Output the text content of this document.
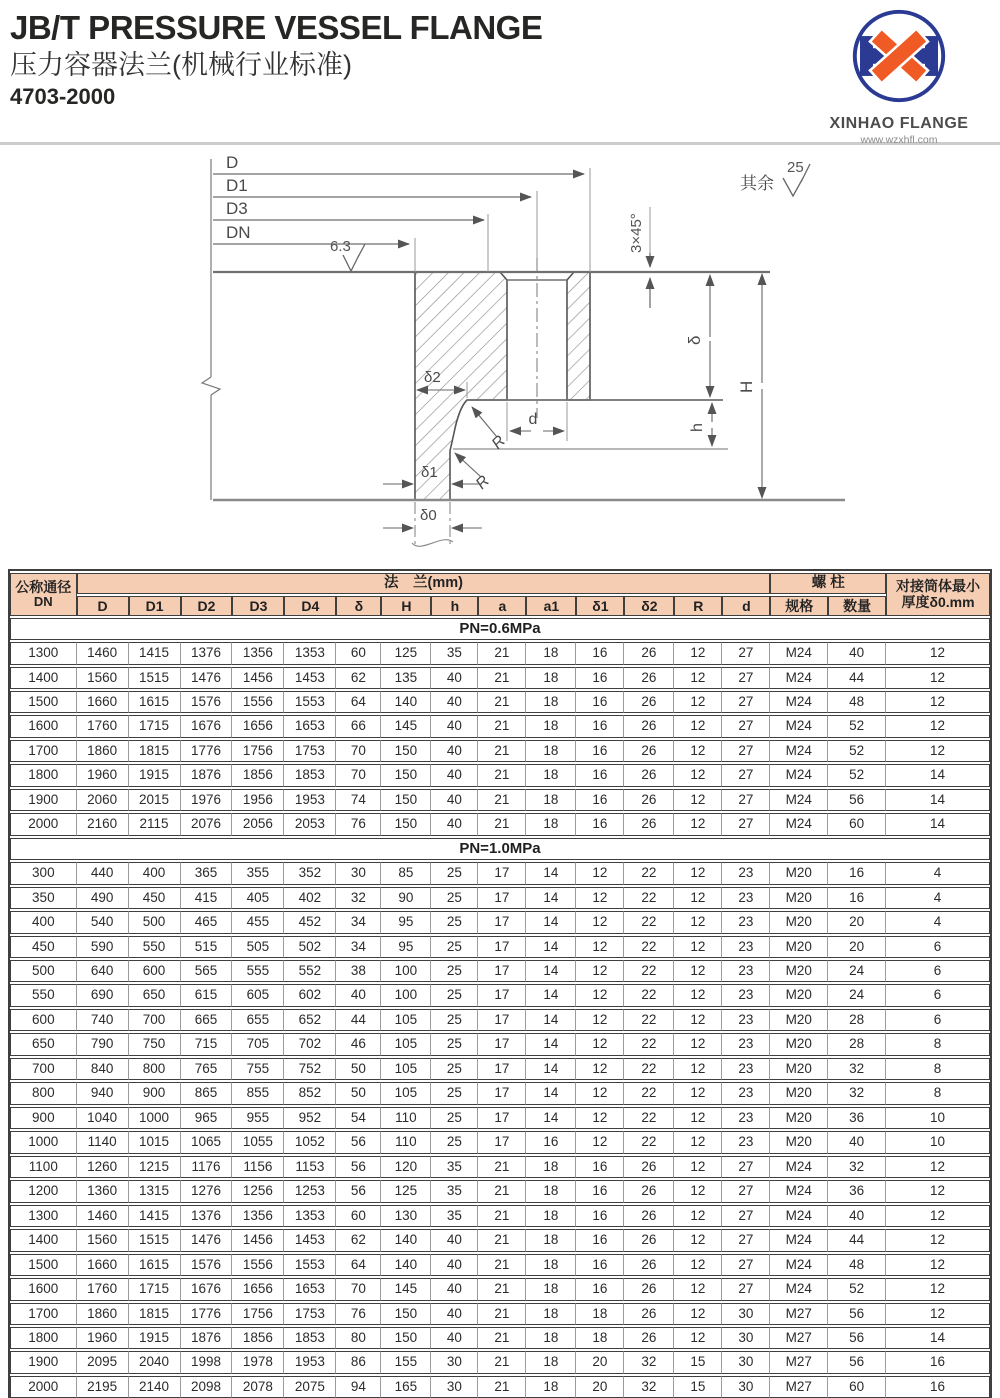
JB/T PRESSURE VESSEL FLANGE
压力容器法兰(机械行业标准)
4703-2000
XINHAO FLANGE
www.wzxhfl.com
D
D1
D3
DN
6.3
其余
25
3×45°
δ2
R
R
δ1
δ0
d
δ
h
H
公称通径
DN
	法　兰(mm)	螺 柱	对接筒体最小
厚度δ0.mm

	D	D1	D2	D3	D4	δ	H	h	a	a1	δ1	δ2	R	d	规格	数量	
PN=0.6MPa																	
1300	1460	1415	1376	1356	1353	60	125	35	21	18	16	26	12	27	M24	40	12
1400	1560	1515	1476	1456	1453	62	135	40	21	18	16	26	12	27	M24	44	12
1500	1660	1615	1576	1556	1553	64	140	40	21	18	16	26	12	27	M24	48	12
1600	1760	1715	1676	1656	1653	66	145	40	21	18	16	26	12	27	M24	52	12
1700	1860	1815	1776	1756	1753	70	150	40	21	18	16	26	12	27	M24	52	12
1800	1960	1915	1876	1856	1853	70	150	40	21	18	16	26	12	27	M24	52	14
1900	2060	2015	1976	1956	1953	74	150	40	21	18	16	26	12	27	M24	56	14
2000	2160	2115	2076	2056	2053	76	150	40	21	18	16	26	12	27	M24	60	14
PN=1.0MPa																	
300	440	400	365	355	352	30	85	25	17	14	12	22	12	23	M20	16	4
350	490	450	415	405	402	32	90	25	17	14	12	22	12	23	M20	16	4
400	540	500	465	455	452	34	95	25	17	14	12	22	12	23	M20	20	4
450	590	550	515	505	502	34	95	25	17	14	12	22	12	23	M20	20	6
500	640	600	565	555	552	38	100	25	17	14	12	22	12	23	M20	24	6
550	690	650	615	605	602	40	100	25	17	14	12	22	12	23	M20	24	6
600	740	700	665	655	652	44	105	25	17	14	12	22	12	23	M20	28	6
650	790	750	715	705	702	46	105	25	17	14	12	22	12	23	M20	28	8
700	840	800	765	755	752	50	105	25	17	14	12	22	12	23	M20	32	8
800	940	900	865	855	852	50	105	25	17	14	12	22	12	23	M20	32	8
900	1040	1000	965	955	952	54	110	25	17	14	12	22	12	23	M20	36	10
1000	1140	1015	1065	1055	1052	56	110	25	17	16	12	22	12	23	M20	40	10
1100	1260	1215	1176	1156	1153	56	120	35	21	18	16	26	12	27	M24	32	12
1200	1360	1315	1276	1256	1253	56	125	35	21	18	16	26	12	27	M24	36	12
1300	1460	1415	1376	1356	1353	60	130	35	21	18	16	26	12	27	M24	40	12
1400	1560	1515	1476	1456	1453	62	140	40	21	18	16	26	12	27	M24	44	12
1500	1660	1615	1576	1556	1553	64	140	40	21	18	16	26	12	27	M24	48	12
1600	1760	1715	1676	1656	1653	70	145	40	21	18	16	26	12	27	M24	52	12
1700	1860	1815	1776	1756	1753	76	150	40	21	18	18	26	12	30	M27	56	12
1800	1960	1915	1876	1856	1853	80	150	40	21	18	18	26	12	30	M27	56	14
1900	2095	2040	1998	1978	1953	86	155	30	21	18	20	32	15	30	M27	56	16
2000	2195	2140	2098	2078	2075	94	165	30	21	18	20	32	15	30	M27	60	16
